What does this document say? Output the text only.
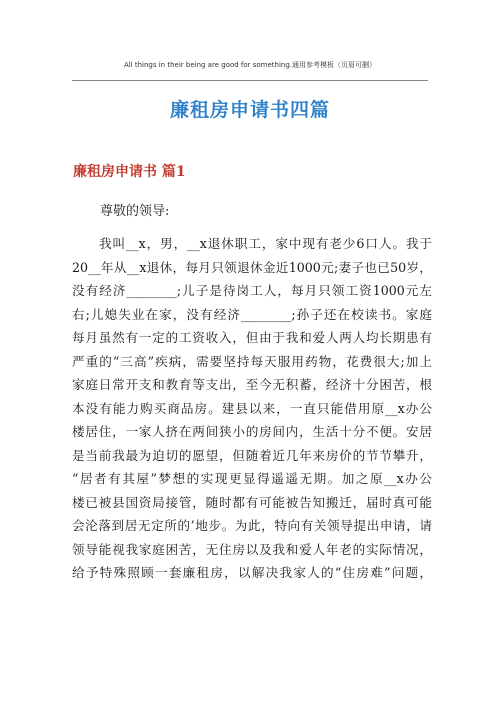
All things in their being are good for something.通用参考模板（页眉可删）
廉租房申请书四篇
廉租房申请书 篇1
尊敬的领导:
我叫__x，男，__x退休职工，家中现有老少6口人。我于
20__年从__x退休，每月只领退休金近1000元;妻子也已50岁，
没有经济________;儿子是待岗工人，每月只领工资1000元左
右;儿媳失业在家，没有经济________;孙子还在校读书。家庭
每月虽然有一定的工资收入，但由于我和爱人两人均长期患有
严重的“三高”疾病，需要坚持每天服用药物，花费很大;加上
家庭日常开支和教育等支出，至今无积蓄，经济十分困苦，根
本没有能力购买商品房。建县以来，一直只能借用原__x办公
楼居住，一家人挤在两间狭小的房间内，生活十分不便。安居
是当前我最为迫切的愿望，但随着近几年来房价的节节攀升，
“居者有其屋”梦想的实现更显得遥遥无期。加之原__x办公
楼已被县国资局接管，随时都有可能被告知搬迁，届时真可能
会沦落到居无定所的’地步。为此，特向有关领导提出申请，请
领导能视我家庭困苦，无住房以及我和爱人年老的实际情况，
给予特殊照顾一套廉租房，以解决我家人的“住房难”问题，
